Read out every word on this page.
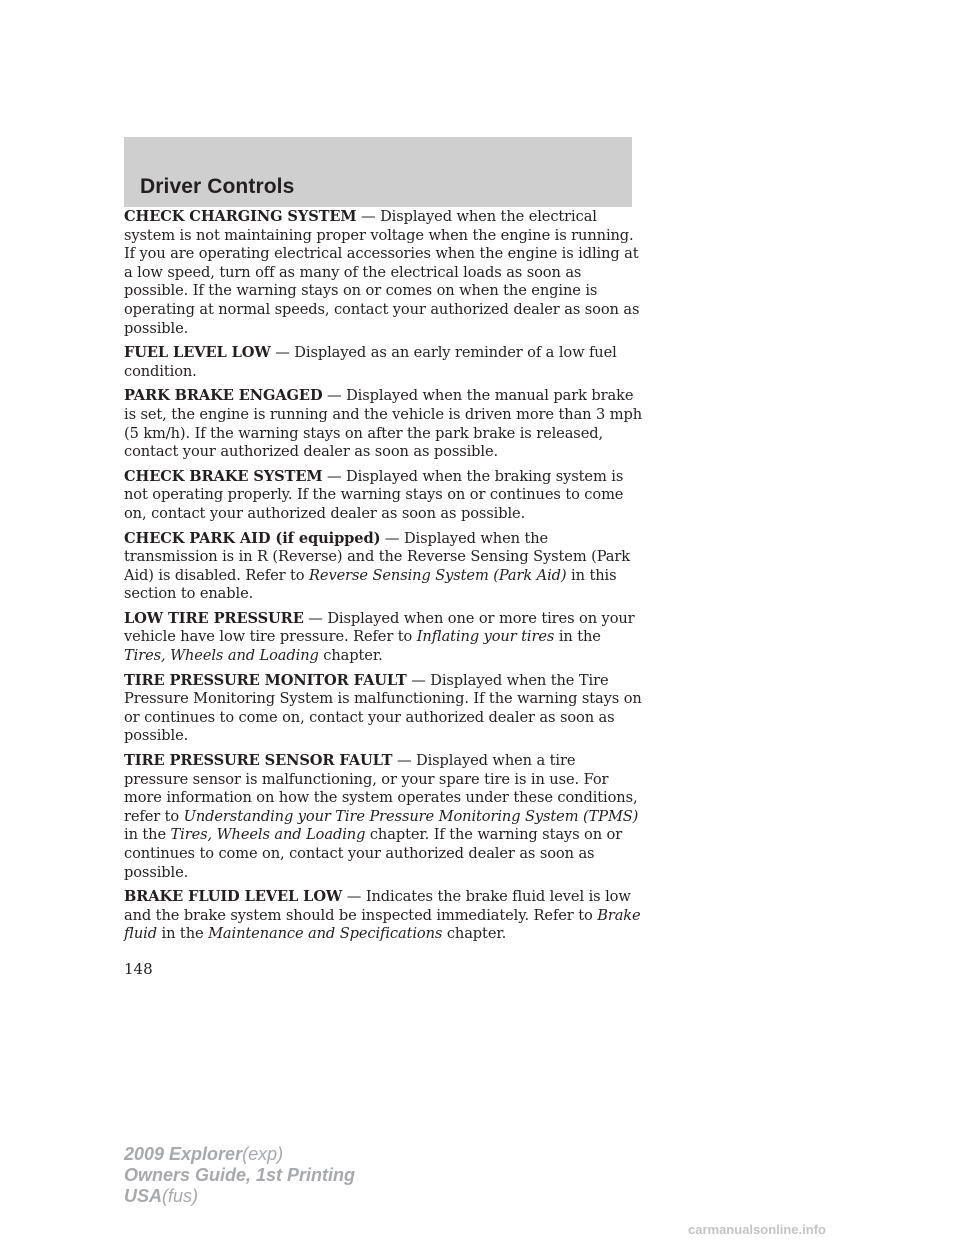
Driver Controls

CHECK CHARGING SYSTEM — Displayed when the electrical system is not maintaining proper voltage when the engine is running. If you are operating electrical accessories when the engine is idling at a low speed, turn off as many of the electrical loads as soon as possible. If the warning stays on or comes on when the engine is operating at normal speeds, contact your authorized dealer as soon as possible.

FUEL LEVEL LOW — Displayed as an early reminder of a low fuel condition.

PARK BRAKE ENGAGED — Displayed when the manual park brake is set, the engine is running and the vehicle is driven more than 3 mph (5 km/h). If the warning stays on after the park brake is released, contact your authorized dealer as soon as possible.

CHECK BRAKE SYSTEM — Displayed when the braking system is not operating properly. If the warning stays on or continues to come on, contact your authorized dealer as soon as possible.

CHECK PARK AID (if equipped) — Displayed when the transmission is in R (Reverse) and the Reverse Sensing System (Park Aid) is disabled. Refer to Reverse Sensing System (Park Aid) in this section to enable.

LOW TIRE PRESSURE — Displayed when one or more tires on your vehicle have low tire pressure. Refer to Inflating your tires in the Tires, Wheels and Loading chapter.

TIRE PRESSURE MONITOR FAULT — Displayed when the Tire Pressure Monitoring System is malfunctioning. If the warning stays on or continues to come on, contact your authorized dealer as soon as possible.

TIRE PRESSURE SENSOR FAULT — Displayed when a tire pressure sensor is malfunctioning, or your spare tire is in use. For more information on how the system operates under these conditions, refer to Understanding your Tire Pressure Monitoring System (TPMS) in the Tires, Wheels and Loading chapter. If the warning stays on or continues to come on, contact your authorized dealer as soon as possible.

BRAKE FLUID LEVEL LOW — Indicates the brake fluid level is low and the brake system should be inspected immediately. Refer to Brake fluid in the Maintenance and Specifications chapter.

148
2009 Explorer(exp)
Owners Guide, 1st Printing
USA(fus)
carmanualsonline.info
